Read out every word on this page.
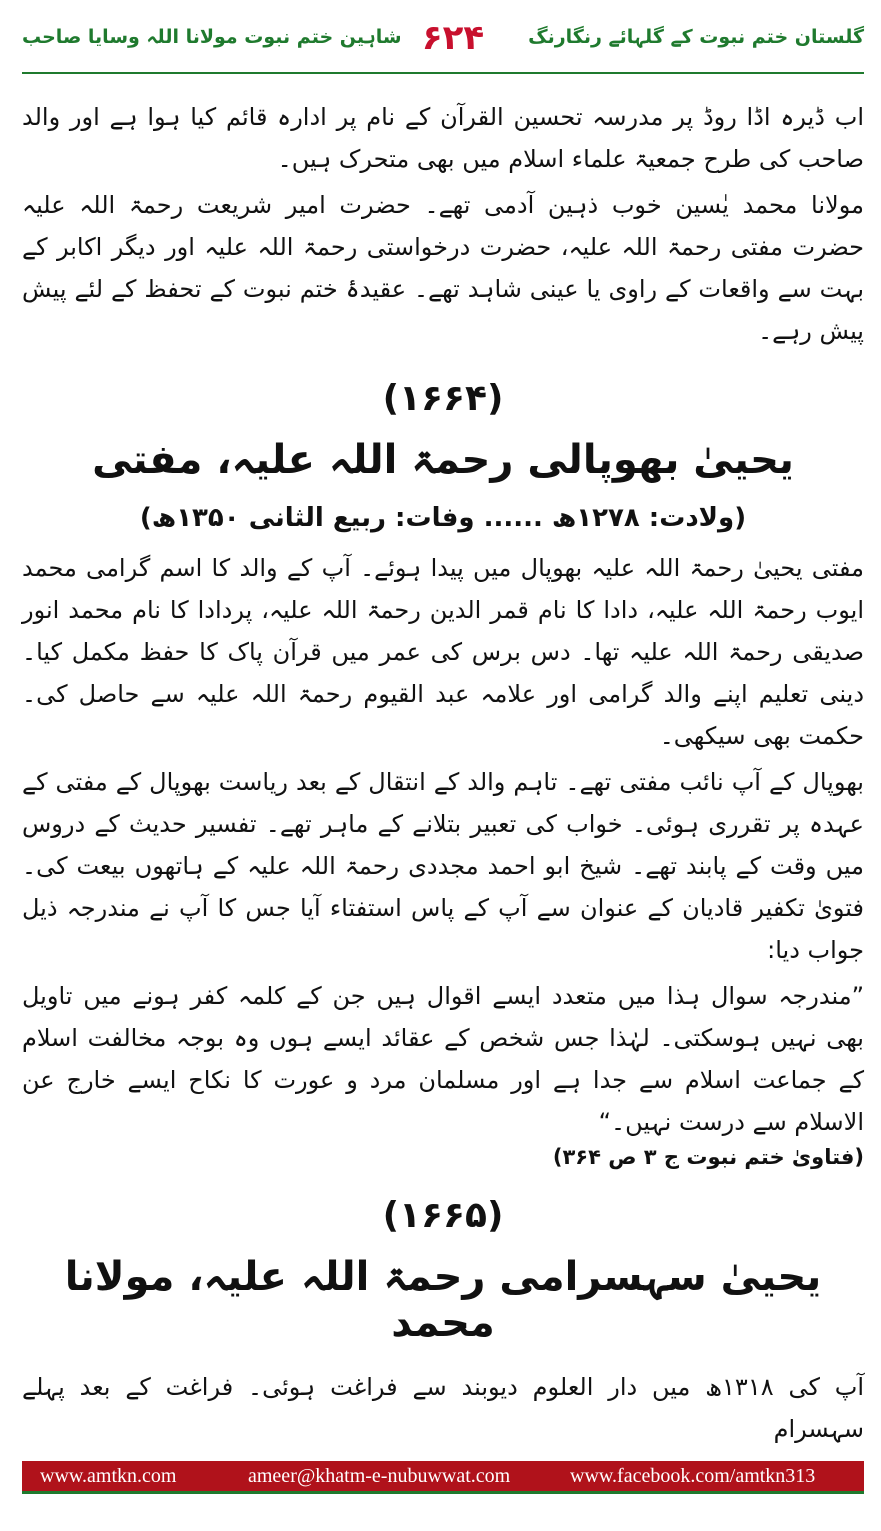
شاہین ختم نبوت مولانا اللہ وسایا صاحب ۶۲۴	گلستان ختم نبوت کے گلہائے رنگارنگ

اب ڈیرہ اڈا روڈ پر مدرسہ تحسین القرآن کے نام پر ادارہ قائم کیا ہوا ہے اور والد صاحب کی طرح جمعیۃ علماء اسلام میں بھی متحرک ہیں۔

مولانا محمد یٰسین خوب ذہین آدمی تھے۔ حضرت امیر شریعت رحمۃ اللہ علیہ حضرت مفتی رحمۃ اللہ علیہ، حضرت درخواستی رحمۃ اللہ علیہ اور دیگر اکابر کے بہت سے واقعات کے راوی یا عینی شاہد تھے۔ عقیدۂ ختم نبوت کے تحفظ کے لئے پیش پیش رہے۔

(۱۶۶۴)
یحییٰ بھوپالی رحمۃ اللہ علیہ، مفتی
(ولادت: ۱۲۷۸ھ ...... وفات: ربیع الثانی ۱۳۵۰ھ)

مفتی یحییٰ رحمۃ اللہ علیہ بھوپال میں پیدا ہوئے۔ آپ کے والد کا اسم گرامی محمد ایوب رحمۃ اللہ علیہ، دادا کا نام قمر الدین رحمۃ اللہ علیہ، پردادا کا نام محمد انور صدیقی رحمۃ اللہ علیہ تھا۔ دس برس کی عمر میں قرآن پاک کا حفظ مکمل کیا۔ دینی تعلیم اپنے والد گرامی اور علامہ عبد القیوم رحمۃ اللہ علیہ سے حاصل کی۔ حکمت بھی سیکھی۔

بھوپال کے آپ نائب مفتی تھے۔ تاہم والد کے انتقال کے بعد ریاست بھوپال کے مفتی کے عہدہ پر تقرری ہوئی۔ خواب کی تعبیر بتلانے کے ماہر تھے۔ تفسیر حدیث کے دروس میں وقت کے پابند تھے۔ شیخ ابو احمد مجددی رحمۃ اللہ علیہ کے ہاتھوں بیعت کی۔ فتویٰ تکفیر قادیان کے عنوان سے آپ کے پاس استفتاء آیا جس کا آپ نے مندرجہ ذیل جواب دیا:

”مندرجہ سوال ہذا میں متعدد ایسے اقوال ہیں جن کے کلمہ کفر ہونے میں تاویل بھی نہیں ہوسکتی۔ لہٰذا جس شخص کے عقائد ایسے ہوں وہ بوجہ مخالفت اسلام کے جماعت اسلام سے جدا ہے اور مسلمان مرد و عورت کا نکاح ایسے خارج عن الاسلام سے درست نہیں۔“

(فتاویٰ ختم نبوت ج ۳ ص ۳۶۴)
(۱۶۶۵)
یحییٰ سہسرامی رحمۃ اللہ علیہ، مولانا محمد

آپ کی ۱۳۱۸ھ میں دار العلوم دیوبند سے فراغت ہوئی۔ فراغت کے بعد پہلے سہسرام

www.amtkn.com	ameer@khatm-e-nubuwwat.com	www.facebook.com/amtkn313
